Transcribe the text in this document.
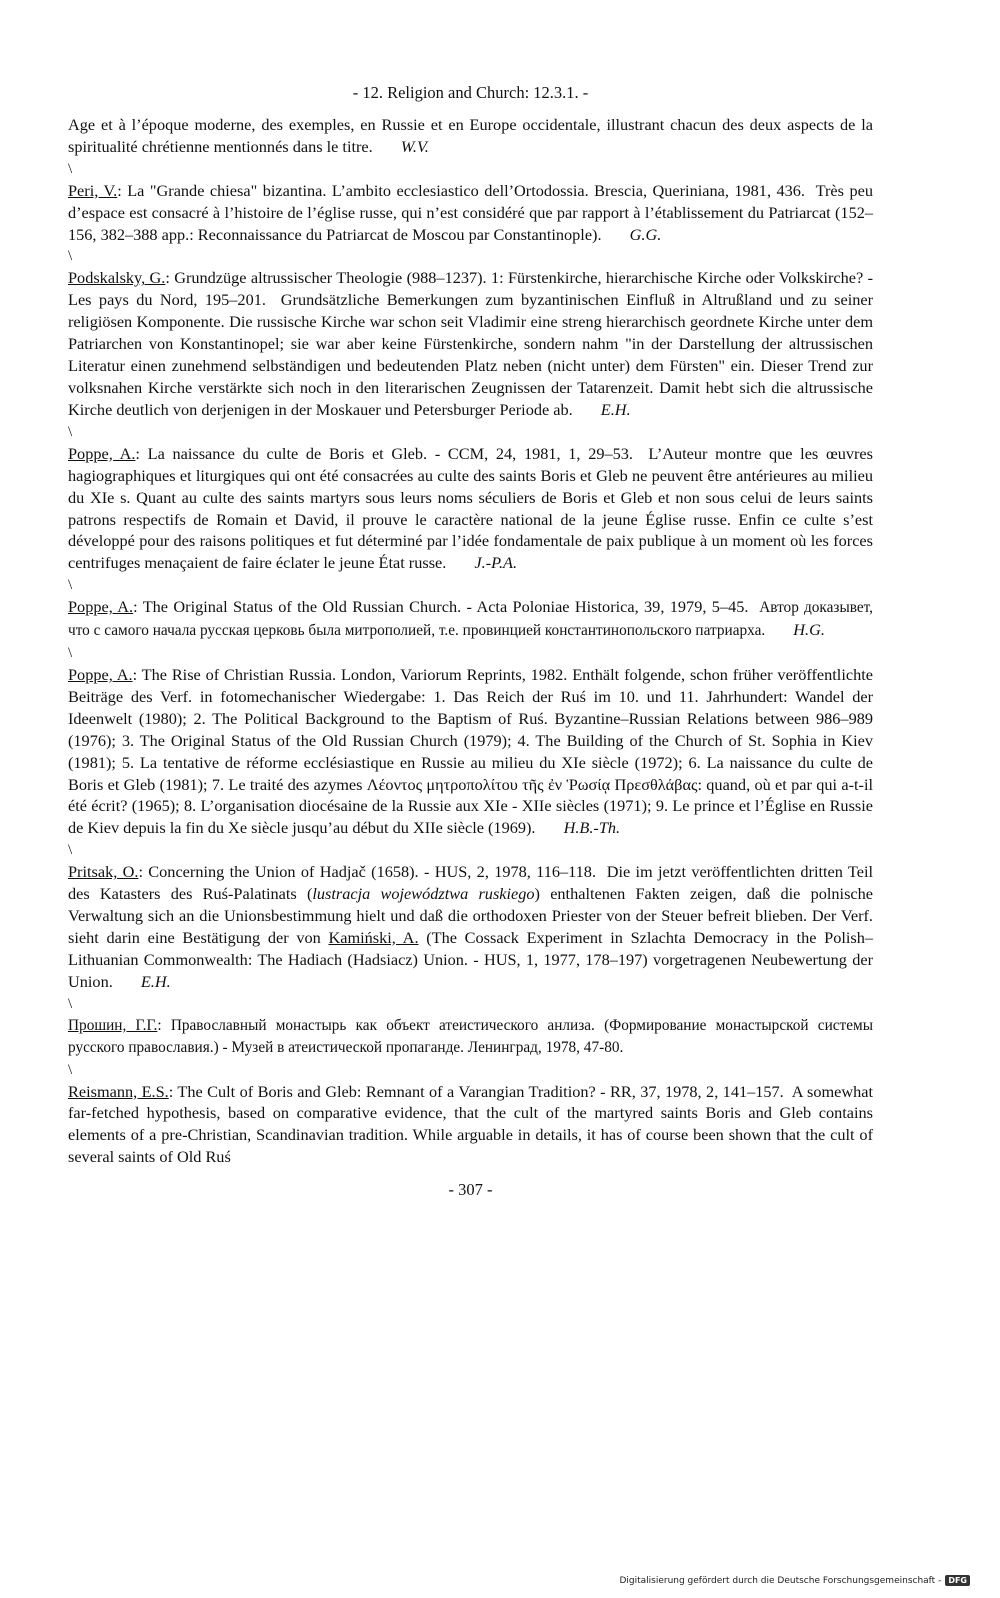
- 12. Religion and Church: 12.3.1. -
Age et à l’époque moderne, des exemples, en Russie et en Europe occidentale, illustrant chacun des deux aspects de la spiritualité chrétienne mentionnés dans le titre. W.V.
\
Peri, V.: La "Grande chiesa" bizantina. L’ambito ecclesiastico dell’Ortodossia. Brescia, Queriniana, 1981, 436. Très peu d’espace est consacré à l’histoire de l’église russe, qui n’est considéré que par rapport à l’établissement du Patriarcat (152–156, 382–388 app.: Reconnaissance du Patriarcat de Moscou par Constantinople). G.G.
\
Podskalsky, G.: Grundzüge altrussischer Theologie (988–1237). 1: Fürstenkirche, hierarchische Kirche oder Volkskirche? - Les pays du Nord, 195–201. Grundsätzliche Bemerkungen zum byzantinischen Einfluß in Altrußland und zu seiner religiösen Komponente. Die russische Kirche war schon seit Vladimir eine streng hierarchisch geordnete Kirche unter dem Patriarchen von Konstantinopel; sie war aber keine Fürstenkirche, sondern nahm "in der Darstellung der altrussischen Literatur einen zunehmend selbständigen und bedeutenden Platz neben (nicht unter) dem Fürsten" ein. Dieser Trend zur volksnahen Kirche verstärkte sich noch in den literarischen Zeugnissen der Tatarenzeit. Damit hebt sich die altrussische Kirche deutlich von derjenigen in der Moskauer und Petersburger Periode ab. E.H.
\
Poppe, A.: La naissance du culte de Boris et Gleb. - CCM, 24, 1981, 1, 29–53. L’Auteur montre que les œuvres hagiographiques et liturgiques qui ont été consacrées au culte des saints Boris et Gleb ne peuvent être antérieures au milieu du XIe s. Quant au culte des saints martyrs sous leurs noms séculiers de Boris et Gleb et non sous celui de leurs saints patrons respectifs de Romain et David, il prouve le caractère national de la jeune Église russe. Enfin ce culte s’est développé pour des raisons politiques et fut déterminé par l’idée fondamentale de paix publique à un moment où les forces centrifuges menaçaient de faire éclater le jeune État russe. J.-P.A.
\
Poppe, A.: The Original Status of the Old Russian Church. - Acta Poloniae Historica, 39, 1979, 5–45. Автор доказывет, что с самого начала русская церковь была митрополией, т.е. провинцией константинопольского патриарха. H.G.
\
Poppe, A.: The Rise of Christian Russia. London, Variorum Reprints, 1982. Enthält folgende, schon früher veröffentlichte Beiträge des Verf. in fotomechanischer Wiedergabe: 1. Das Reich der Ruś im 10. und 11. Jahrhundert: Wandel der Ideenwelt (1980); 2. The Political Background to the Baptism of Ruś. Byzantine–Russian Relations between 986–989 (1976); 3. The Original Status of the Old Russian Church (1979); 4. The Building of the Church of St. Sophia in Kiev (1981); 5. La tentative de réforme ecclésiastique en Russie au milieu du XIe siècle (1972); 6. La naissance du culte de Boris et Gleb (1981); 7. Le traité des azymes Λέοντος μητροπολίτου τῆς ἐν Ῥωσίᾳ Πρεσθλάβας: quand, où et par qui a-t-il été écrit? (1965); 8. L’organisation diocésaine de la Russie aux XIe - XIIe siècles (1971); 9. Le prince et l’Église en Russie de Kiev depuis la fin du Xe siècle jusqu’au début du XIIe siècle (1969). H.B.-Th.
\
Pritsak, O.: Concerning the Union of Hadjač (1658). - HUS, 2, 1978, 116–118. Die im jetzt veröffentlichten dritten Teil des Katasters des Ruś-Palatinats (lustracja województwa ruskiego) enthaltenen Fakten zeigen, daß die polnische Verwaltung sich an die Unionsbestimmung hielt und daß die orthodoxen Priester von der Steuer befreit blieben. Der Verf. sieht darin eine Bestätigung der von Kamiński, A. (The Cossack Experiment in Szlachta Democracy in the Polish–Lithuanian Commonwealth: The Hadiach (Hadsiacz) Union. - HUS, 1, 1977, 178–197) vorgetragenen Neubewertung der Union. E.H.
\
Прошин, Г.Г.: Православный монастырь как объект атеистического анлиза. (Формирование монастырской системы русского православия.) - Музей в атеистической пропаганде. Ленинград, 1978, 47-80.
\
Reismann, E.S.: The Cult of Boris and Gleb: Remnant of a Varangian Tradition? - RR, 37, 1978, 2, 141–157. A somewhat far-fetched hypothesis, based on comparative evidence, that the cult of the martyred saints Boris and Gleb contains elements of a pre-Christian, Scandinavian tradition. While arguable in details, it has of course been shown that the cult of several saints of Old Ruś
- 307 -
Digitalisierung gefördert durch die Deutsche Forschungsgemeinschaft - DFG
